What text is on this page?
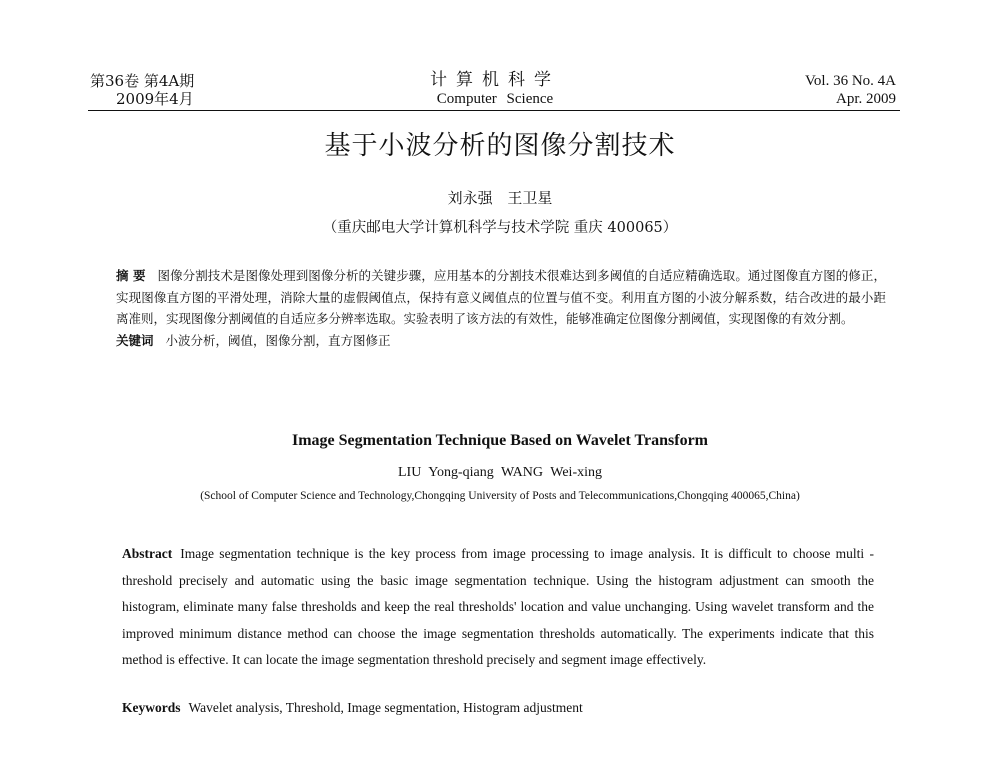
第36卷 第4A期
2009年4月
计算机科学
Computer Science
Vol. 36 No. 4A
Apr. 2009
基于小波分析的图像分割技术
刘永强 王卫星
（重庆邮电大学计算机科学与技术学院 重庆 400065）
摘 要 图像分割技术是图像处理到图像分析的关键步骤，应用基本的分割技术很难达到多阈值的自适应精确选取。通过图像直方图的修正，实现图像直方图的平滑处理，消除大量的虚假阈值点，保持有意义阈值点的位置与值不变。利用直方图的小波分解系数，结合改进的最小距离准则，实现图像分割阈值的自适应多分辨率选取。实验表明了该方法的有效性，能够准确定位图像分割阈值，实现图像的有效分割。
关键词 小波分析，阈值，图像分割，直方图修正
Image Segmentation Technique Based on Wavelet Transform
LIU Yong-qiang WANG Wei-xing
(School of Computer Science and Technology,Chongqing University of Posts and Telecommunications,Chongqing 400065,China)
Abstract Image segmentation technique is the key process from image processing to image analysis. It is difficult to choose multi -threshold precisely and automatic using the basic image segmentation technique. Using the histogram adjustment can smooth the histogram, eliminate many false thresholds and keep the real thresholds' location and value unchanging. Using wavelet transform and the improved minimum distance method can choose the image segmentation thresholds automatically. The experiments indicate that this method is effective. It can locate the image segmentation threshold precisely and segment image effectively.
Keywords Wavelet analysis, Threshold, Image segmentation, Histogram adjustment
